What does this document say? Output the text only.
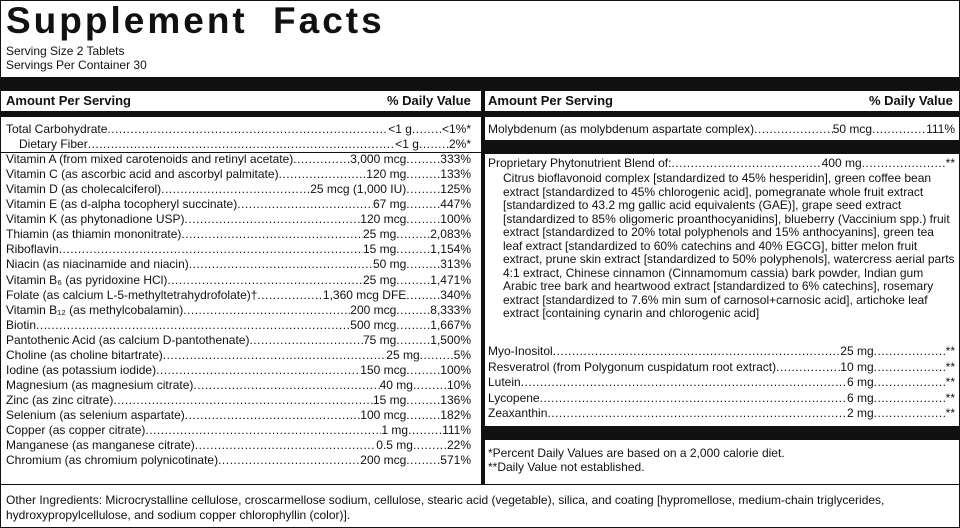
Supplement Facts
Serving Size 2 Tablets
Servings Per Container 30
Amount Per Serving	% Daily Value Amount Per Serving	% Daily Value
Total Carbohydrate .....	<1 g .....	<1%*
Dietary Fiber .....	<1 g .....	2%*
Vitamin A (from mixed carotenoids and retinyl acetate) .....	3,000 mcg .....	333%
Vitamin C (as ascorbic acid and ascorbyl palmitate) .....	120 mg .....	133%
Vitamin D (as cholecalciferol) .....	25 mcg (1,000 IU) .....	125%
Vitamin E (as d-alpha tocopheryl succinate) .....	67 mg .....	447%
Vitamin K (as phytonadione USP) .....	120 mcg .....	100%
Thiamin (as thiamin mononitrate) .....	25 mg .....	2,083%
Riboflavin .....	15 mg .....	1,154%
Niacin (as niacinamide and niacin) .....	50 mg .....	313%
Vitamin B₆ (as pyridoxine HCl) .....	25 mg .....	1,471%
Folate (as calcium L-5-methyltetrahydrofolate)† .....	1,360 mcg DFE .....	340%
Vitamin B₁₂ (as methylcobalamin) .....	200 mcg .....	8,333%
Biotin .....	500 mcg .....	1,667%
Pantothenic Acid (as calcium D-pantothenate) .....	75 mg .....	1,500%
Choline (as choline bitartrate) .....	25 mg .....	5%
Iodine (as potassium iodide) .....	150 mcg .....	100%
Magnesium (as magnesium citrate) .....	40 mg .....	10%
Zinc (as zinc citrate) .....	15 mg .....	136%
Selenium (as selenium aspartate) .....	100 mcg .....	182%
Copper (as copper citrate) .....	1 mg .....	111%
Manganese (as manganese citrate) .....	0.5 mg .....	22%
Chromium (as chromium polynicotinate) .....	200 mcg .....	571%
Molybdenum (as molybdenum aspartate complex) .....	50 mcg .....	111%
Proprietary Phytonutrient Blend of: .....	400 mg .....	**
Citrus bioflavonoid complex [standardized to 45% hesperidin], green coffee bean extract [standardized to 45% chlorogenic acid], pomegranate whole fruit extract [standardized to 43.2 mg gallic acid equivalents (GAE)], grape seed extract [standardized to 85% oligomeric proanthocyanidins], blueberry (Vaccinium spp.) fruit extract [standardized to 20% total polyphenols and 15% anthocyanins], green tea leaf extract [standardized to 60% catechins and 40% EGCG], bitter melon fruit extract, prune skin extract [standardized to 50% polyphenols], watercress aerial parts 4:1 extract, Chinese cinnamon (Cinnamomum cassia) bark powder, Indian gum Arabic tree bark and heartwood extract [standardized to 6% catechins], rosemary extract [standardized to 7.6% min sum of carnosol+carnosic acid], artichoke leaf extract [containing cynarin and chlorogenic acid]
Myo-Inositol .....	25 mg .....	**
Resveratrol (from Polygonum cuspidatum root extract) .....	10 mg .....	**
Lutein .....	6 mg .....	**
Lycopene .....	6 mg .....	**
Zeaxanthin .....	2 mg .....	**
*Percent Daily Values are based on a 2,000 calorie diet.
**Daily Value not established.
Other Ingredients: Microcrystalline cellulose, croscarmellose sodium, cellulose, stearic acid (vegetable), silica, and coating [hypromellose, medium-chain triglycerides, hydroxypropylcellulose, and sodium copper chlorophyllin (color)].
